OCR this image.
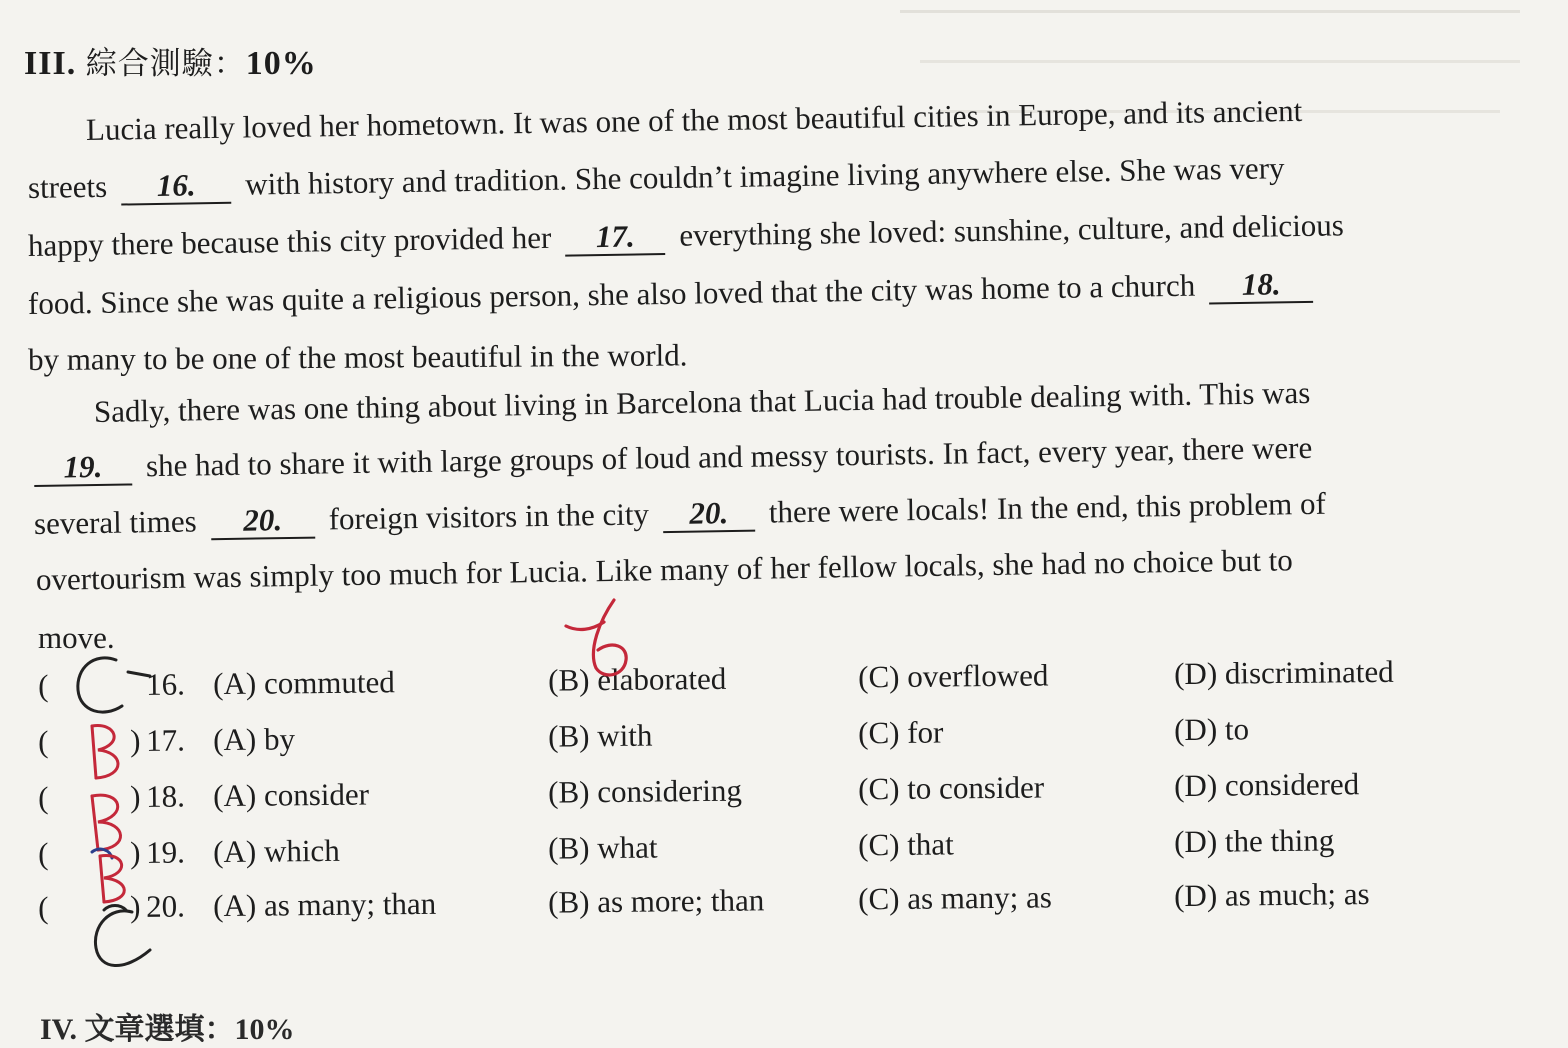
III. 綜合測驗：10%
Lucia really loved her hometown. It was one of the most beautiful cities in Europe, and its ancient
streets 16. with history and tradition. She couldn’t imagine living anywhere else. She was very
happy there because this city provided her 17. everything she loved: sunshine, culture, and delicious
food. Since she was quite a religious person, she also loved that the city was home to a church 18.
by many to be one of the most beautiful in the world.
Sadly, there was one thing about living in Barcelona that Lucia had trouble dealing with. This was
19. she had to share it with large groups of loud and messy tourists. In fact, every year, there were
several times 20. foreign visitors in the city 20. there were locals! In the end, this problem of
overtourism was simply too much for Lucia. Like many of her fellow locals, she had no choice but to
move.
(	16. (A) commuted	(B) elaborated	(C) overflowed	(D) discriminated
(	) 17. (A) by	(B) with	(C) for	(D) to
(	) 18. (A) consider	(B) considering	(C) to consider	(D) considered
(	) 19. (A) which	(B) what	(C) that	(D) the thing
(	) 20. (A) as many; than	(B) as more; than	(C) as many; as	(D) as much; as
IV. 文章選填：10%
